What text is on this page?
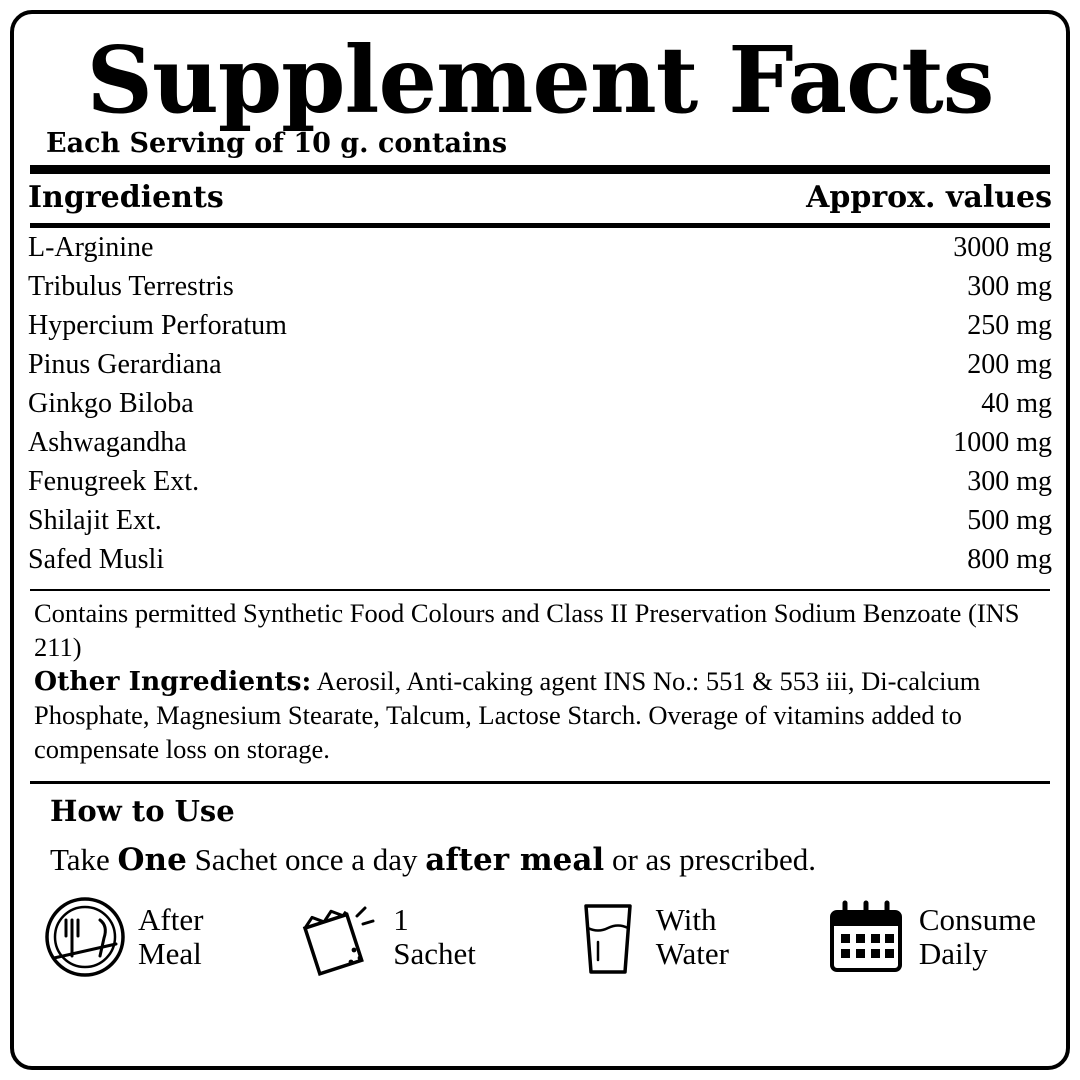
Supplement Facts
Each Serving of 10 g. contains
Ingredients	Approx. values
L-Arginine	3000 mg
Tribulus Terrestris	300 mg
Hypercium Perforatum	250 mg
Pinus Gerardiana	200 mg
Ginkgo Biloba	40 mg
Ashwagandha	1000 mg
Fenugreek Ext.	300 mg
Shilajit Ext.	500 mg
Safed Musli	800 mg

Contains permitted Synthetic Food Colours and Class II Preservation Sodium Benzoate (INS 211)

Other Ingredients: Aerosil, Anti-caking agent INS No.: 551 & 553 iii, Di-calcium Phosphate, Magnesium Stearate, Talcum, Lactose Starch. Overage of vitamins added to compensate loss on storage.

How to Use
Take One Sachet once a day after meal or as prescribed.
After
Meal
1
Sachet
With
Water
Consume
Daily
